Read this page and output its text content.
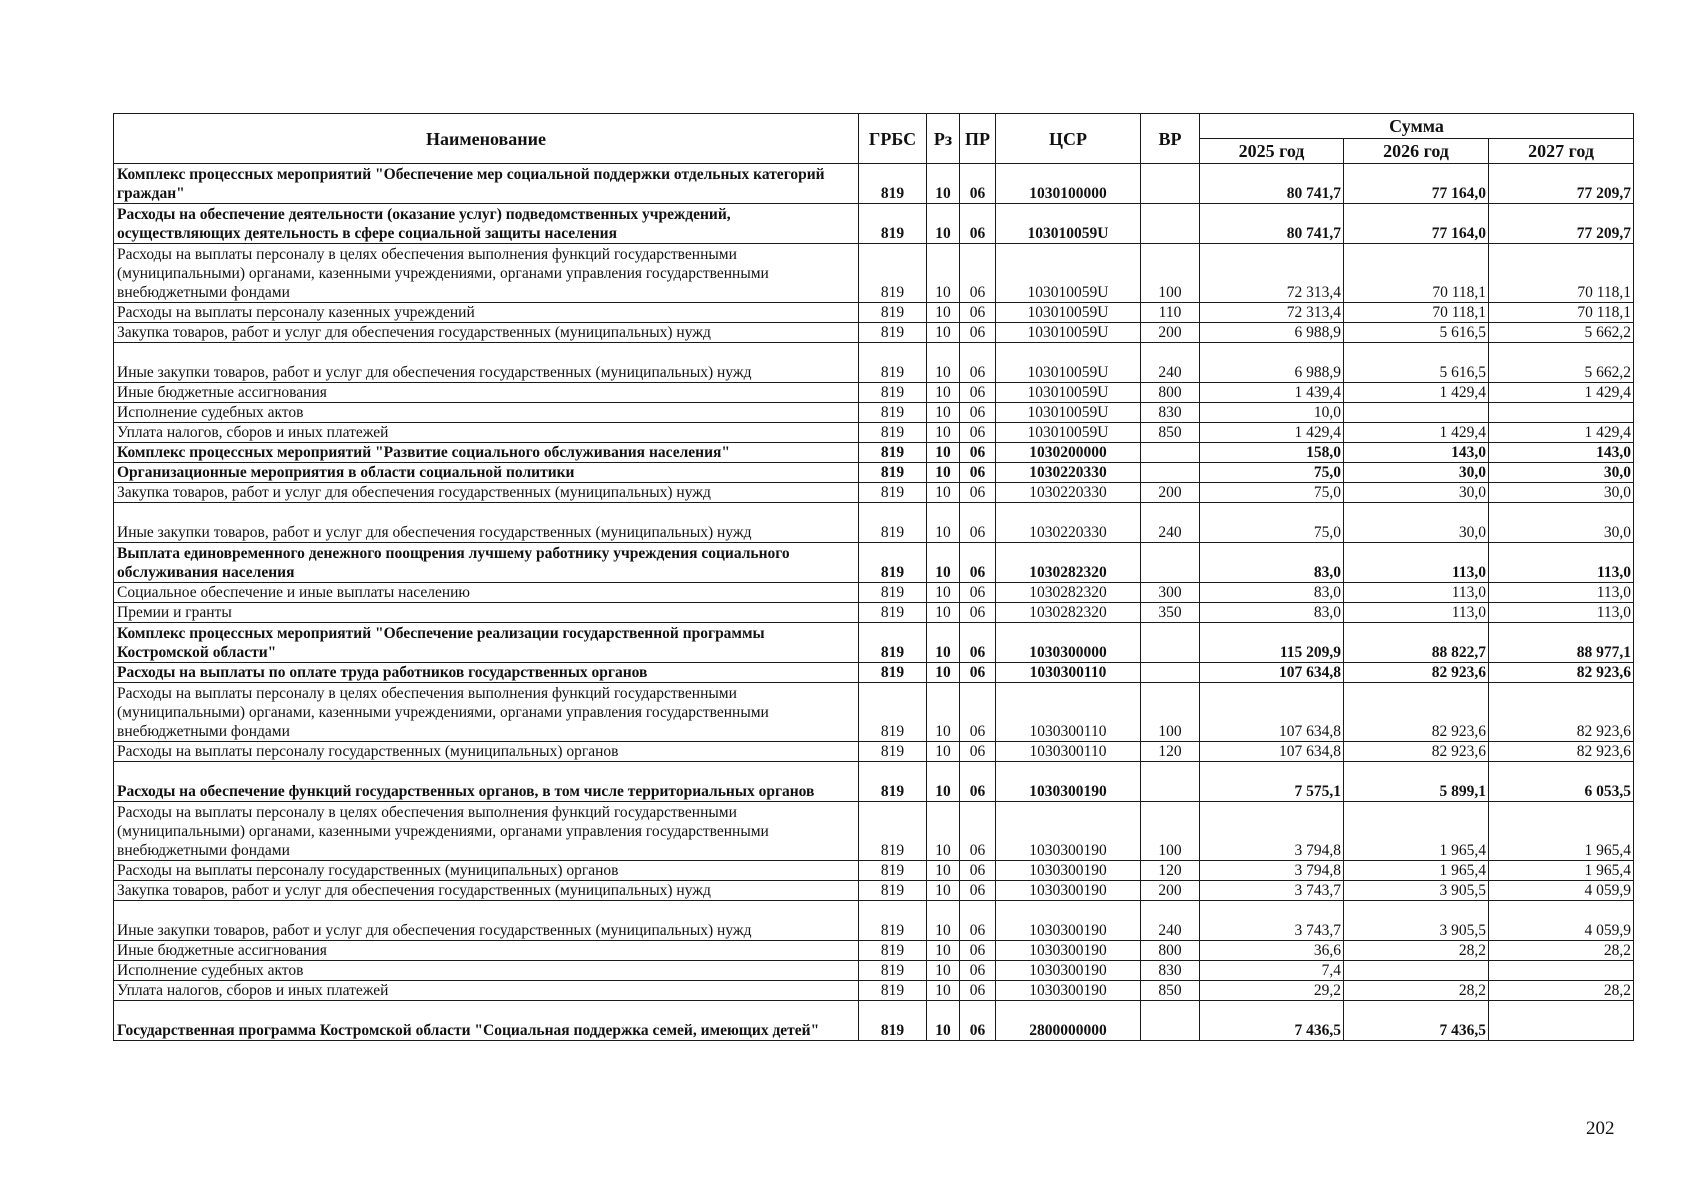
Наименование	ГРБС	Рз	ПР	ЦСР	ВР	Сумма		
						2025 год	2026 год	2027 год
Комплекс процессных мероприятий "Обеспечение мер социальной поддержки отдельных категорий граждан"	819	10	06	1030100000		80 741,7	77 164,0	77 209,7
Расходы на обеспечение деятельности (оказание услуг) подведомственных учреждений, осуществляющих деятельность в сфере социальной защиты населения	819	10	06	103010059U		80 741,7	77 164,0	77 209,7
Расходы на выплаты персоналу в целях обеспечения выполнения функций государственными (муниципальными) органами, казенными учреждениями, органами управления государственными внебюджетными фондами	819	10	06	103010059U	100	72 313,4	70 118,1	70 118,1
Расходы на выплаты персоналу казенных учреждений	819	10	06	103010059U	110	72 313,4	70 118,1	70 118,1
Закупка товаров, работ и услуг для обеспечения государственных (муниципальных) нужд	819	10	06	103010059U	200	6 988,9	5 616,5	5 662,2
Иные закупки товаров, работ и услуг для обеспечения государственных (муниципальных) нужд	819	10	06	103010059U	240	6 988,9	5 616,5	5 662,2
Иные бюджетные ассигнования	819	10	06	103010059U	800	1 439,4	1 429,4	1 429,4
Исполнение судебных актов	819	10	06	103010059U	830	10,0		
Уплата налогов, сборов и иных платежей	819	10	06	103010059U	850	1 429,4	1 429,4	1 429,4
Комплекс процессных мероприятий "Развитие социального обслуживания населения"	819	10	06	1030200000		158,0	143,0	143,0
Организационные мероприятия в области социальной политики	819	10	06	1030220330		75,0	30,0	30,0
Закупка товаров, работ и услуг для обеспечения государственных (муниципальных) нужд	819	10	06	1030220330	200	75,0	30,0	30,0
Иные закупки товаров, работ и услуг для обеспечения государственных (муниципальных) нужд	819	10	06	1030220330	240	75,0	30,0	30,0
Выплата единовременного денежного поощрения лучшему работнику учреждения социального обслуживания населения	819	10	06	1030282320		83,0	113,0	113,0
Социальное обеспечение и иные выплаты населению	819	10	06	1030282320	300	83,0	113,0	113,0
Премии и гранты	819	10	06	1030282320	350	83,0	113,0	113,0
Комплекс процессных мероприятий "Обеспечение реализации государственной программы Костромской области"	819	10	06	1030300000		115 209,9	88 822,7	88 977,1
Расходы на выплаты по оплате труда работников государственных органов	819	10	06	1030300110		107 634,8	82 923,6	82 923,6
Расходы на выплаты персоналу в целях обеспечения выполнения функций государственными (муниципальными) органами, казенными учреждениями, органами управления государственными внебюджетными фондами	819	10	06	1030300110	100	107 634,8	82 923,6	82 923,6
Расходы на выплаты персоналу государственных (муниципальных) органов	819	10	06	1030300110	120	107 634,8	82 923,6	82 923,6
Расходы на обеспечение функций государственных органов, в том числе территориальных органов	819	10	06	1030300190		7 575,1	5 899,1	6 053,5
Расходы на выплаты персоналу в целях обеспечения выполнения функций государственными (муниципальными) органами, казенными учреждениями, органами управления государственными внебюджетными фондами	819	10	06	1030300190	100	3 794,8	1 965,4	1 965,4
Расходы на выплаты персоналу государственных (муниципальных) органов	819	10	06	1030300190	120	3 794,8	1 965,4	1 965,4
Закупка товаров, работ и услуг для обеспечения государственных (муниципальных) нужд	819	10	06	1030300190	200	3 743,7	3 905,5	4 059,9
Иные закупки товаров, работ и услуг для обеспечения государственных (муниципальных) нужд	819	10	06	1030300190	240	3 743,7	3 905,5	4 059,9
Иные бюджетные ассигнования	819	10	06	1030300190	800	36,6	28,2	28,2
Исполнение судебных актов	819	10	06	1030300190	830	7,4		
Уплата налогов, сборов и иных платежей	819	10	06	1030300190	850	29,2	28,2	28,2
Государственная программа Костромской области "Социальная поддержка семей, имеющих детей"	819	10	06	2800000000		7 436,5	7 436,5	
202
